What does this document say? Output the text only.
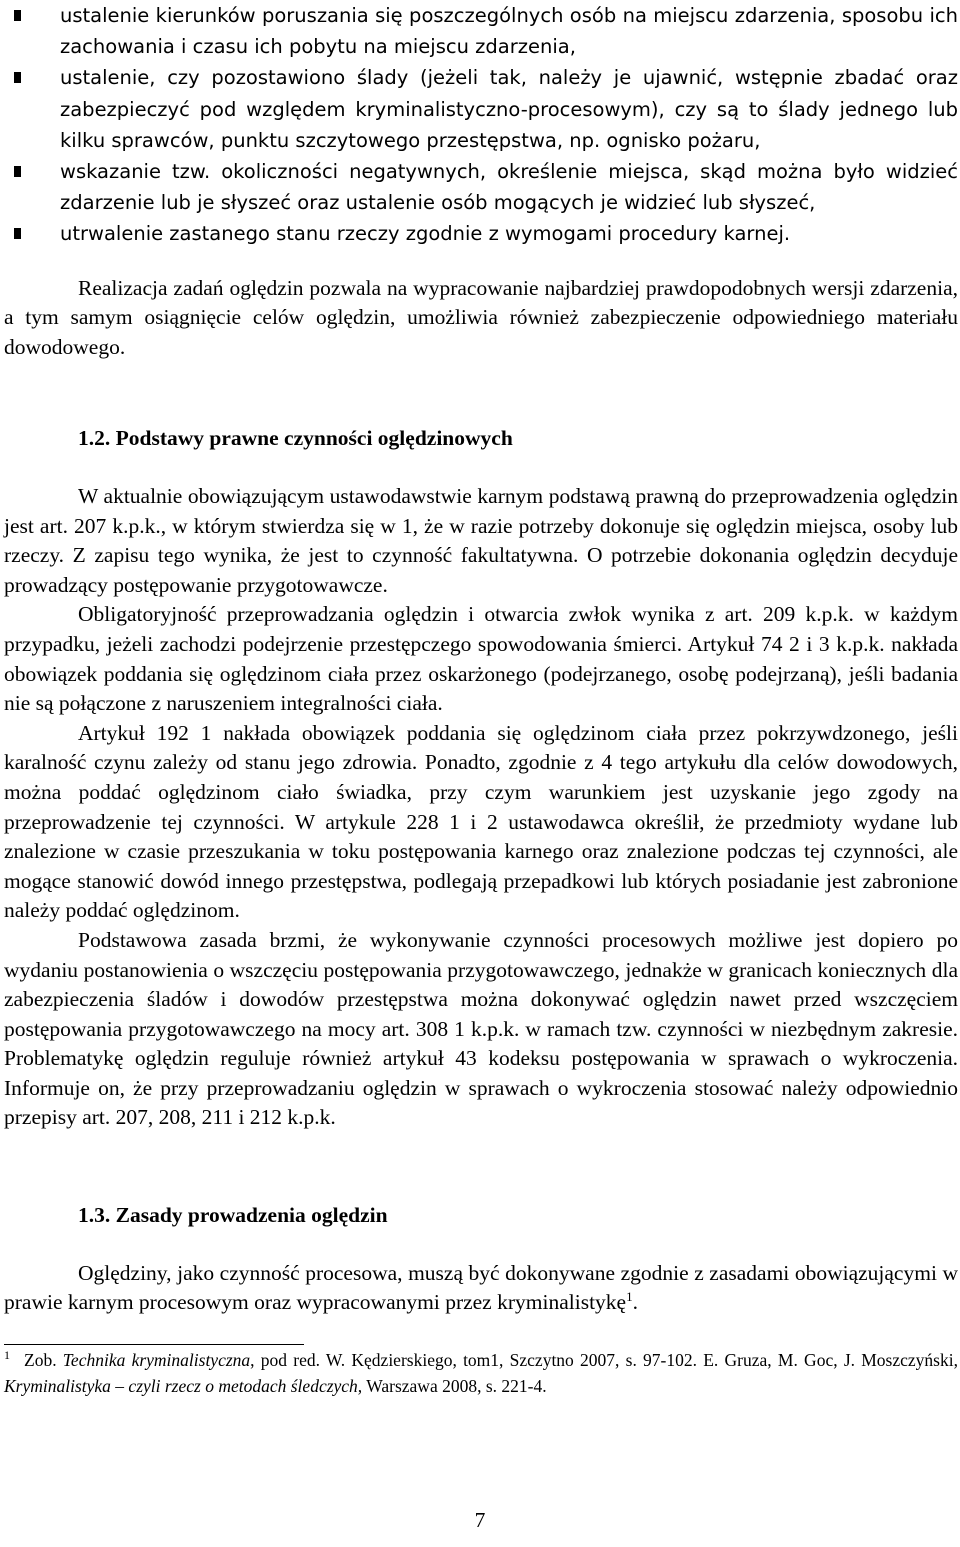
ustalenie kierunków poruszania się poszczególnych osób na miejscu zdarzenia, sposobu ich zachowania i czasu ich pobytu na miejscu zdarzenia,
ustalenie, czy pozostawiono ślady (jeżeli tak, należy je ujawnić, wstępnie zbadać oraz zabezpieczyć pod względem kryminalistyczno-procesowym), czy są to ślady jednego lub kilku sprawców, punktu szczytowego przestępstwa, np. ognisko pożaru,
wskazanie tzw. okoliczności negatywnych, określenie miejsca, skąd można było widzieć zdarzenie lub je słyszeć oraz ustalenie osób mogących je widzieć lub słyszeć,
utrwalenie zastanego stanu rzeczy zgodnie z wymogami procedury karnej.

Realizacja zadań oględzin pozwala na wypracowanie najbardziej prawdopodobnych wersji zdarzenia, a tym samym osiągnięcie celów oględzin, umożliwia również zabezpieczenie odpowiedniego materiału dowodowego.

1.2. Podstawy prawne czynności oględzinowych

W aktualnie obowiązującym ustawodawstwie karnym podstawą prawną do przeprowadzenia oględzin jest art. 207 k.p.k., w którym stwierdza się w 1, że w razie potrzeby dokonuje się oględzin miejsca, osoby lub rzeczy. Z zapisu tego wynika, że jest to czynność fakultatywna. O potrzebie dokonania oględzin decyduje prowadzący postępowanie przygotowawcze.

Obligatoryjność przeprowadzania oględzin i otwarcia zwłok wynika z art. 209 k.p.k. w każdym przypadku, jeżeli zachodzi podejrzenie przestępczego spowodowania śmierci. Artykuł 74 2 i 3 k.p.k. nakłada obowiązek poddania się oględzinom ciała przez oskarżonego (podejrzanego, osobę podejrzaną), jeśli badania nie są połączone z naruszeniem integralności ciała.

Artykuł 192 1 nakłada obowiązek poddania się oględzinom ciała przez pokrzywdzonego, jeśli karalność czynu zależy od stanu jego zdrowia. Ponadto, zgodnie z 4 tego artykułu dla celów dowodowych, można poddać oględzinom ciało świadka, przy czym warunkiem jest uzyskanie jego zgody na przeprowadzenie tej czynności. W artykule 228 1 i 2 ustawodawca określił, że przedmioty wydane lub znalezione w czasie przeszukania w toku postępowania karnego oraz znalezione podczas tej czynności, ale mogące stanowić dowód innego przestępstwa, podlegają przepadkowi lub których posiadanie jest zabronione należy poddać oględzinom.

Podstawowa zasada brzmi, że wykonywanie czynności procesowych możliwe jest dopiero po wydaniu postanowienia o wszczęciu postępowania przygotowawczego, jednakże w granicach koniecznych dla zabezpieczenia śladów i dowodów przestępstwa można dokonywać oględzin nawet przed wszczęciem postępowania przygotowawczego na mocy art. 308 1 k.p.k. w ramach tzw. czynności w niezbędnym zakresie. Problematykę oględzin reguluje również artykuł 43 kodeksu postępowania w sprawach o wykroczenia. Informuje on, że przy przeprowadzaniu oględzin w sprawach o wykroczenia stosować należy odpowiednio przepisy art. 207, 208, 211 i 212 k.p.k.

1.3. Zasady prowadzenia oględzin

Oględziny, jako czynność procesowa, muszą być dokonywane zgodnie z zasadami obowiązującymi w prawie karnym procesowym oraz wypracowanymi przez kryminalistykę$^1$.

$^1$ Zob. Technika kryminalistyczna, pod red. W. Kędzierskiego, tom1, Szczytno 2007, s. 97-102. E. Gruza, M. Goc, J. Moszczyński, Kryminalistyka – czyli rzecz o metodach śledczych, Warszawa 2008, s. 221-4.

7
